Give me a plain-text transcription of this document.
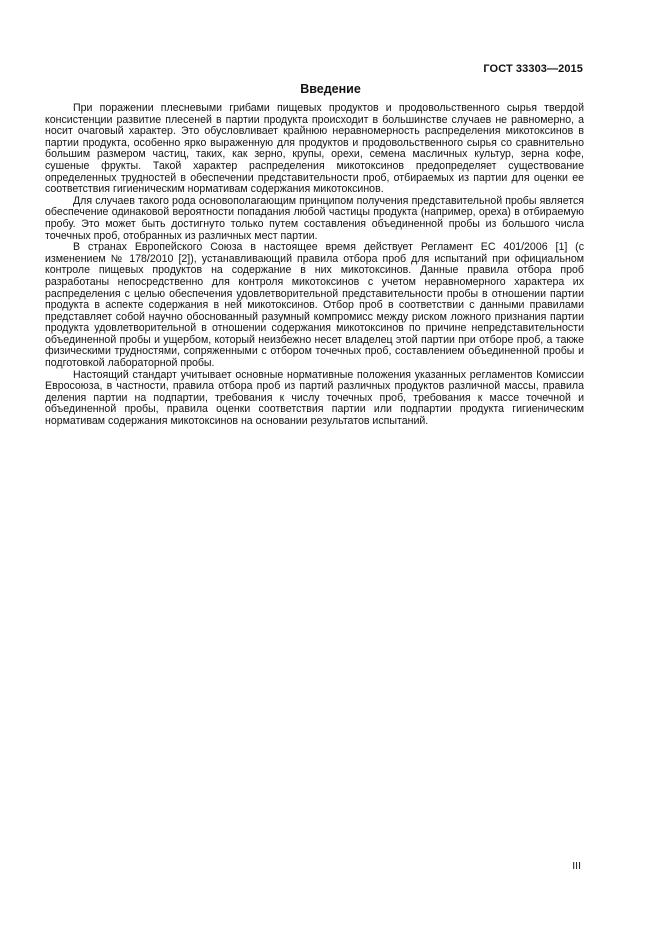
ГОСТ 33303—2015
Введение

При поражении плесневыми грибами пищевых продуктов и продовольственного сырья твердой консистенции развитие плесеней в партии продукта происходит в большинстве случаев не равномерно, а носит очаговый характер. Это обусловливает крайнюю неравномерность распределения микотоксинов в партии продукта, особенно ярко выраженную для продуктов и продовольственного сырья со сравнительно большим размером частиц, таких, как зерно, крупы, орехи, семена масличных культур, зерна кофе, сушеные фрукты. Такой характер распределения микотоксинов предопределяет существование определенных трудностей в обеспечении представительности проб, отбираемых из партии для оценки ее соответствия гигиеническим нормативам содержания микотоксинов.

Для случаев такого рода основополагающим принципом получения представительной пробы является обеспечение одинаковой вероятности попадания любой частицы продукта (например, ореха) в отбираемую пробу. Это может быть достигнуто только путем составления объединенной пробы из большого числа точечных проб, отобранных из различных мест партии.

В странах Европейского Союза в настоящее время действует Регламент ЕС 401/2006 [1] (с изменением № 178/2010 [2]), устанавливающий правила отбора проб для испытаний при официальном контроле пищевых продуктов на содержание в них микотоксинов. Данные правила отбора проб разработаны непосредственно для контроля микотоксинов с учетом неравномерного характера их распределения с целью обеспечения удовлетворительной представительности пробы в отношении партии продукта в аспекте содержания в ней микотоксинов. Отбор проб в соответствии с данными правилами представляет собой научно обоснованный разумный компромисс между риском ложного признания партии продукта удовлетворительной в отношении содержания микотоксинов по причине непредставительности объединенной пробы и ущербом, который неизбежно несет владелец этой партии при отборе проб, а также физическими трудностями, сопряженными с отбором точечных проб, составлением объединенной пробы и подготовкой лабораторной пробы.

Настоящий стандарт учитывает основные нормативные положения указанных регламентов Комиссии Евросоюза, в частности, правила отбора проб из партий различных продуктов различной массы, правила деления партии на подпартии, требования к числу точечных проб, требования к массе точечной и объединенной пробы, правила оценки соответствия партии или подпартии продукта гигиеническим нормативам содержания микотоксинов на основании результатов испытаний.

III
